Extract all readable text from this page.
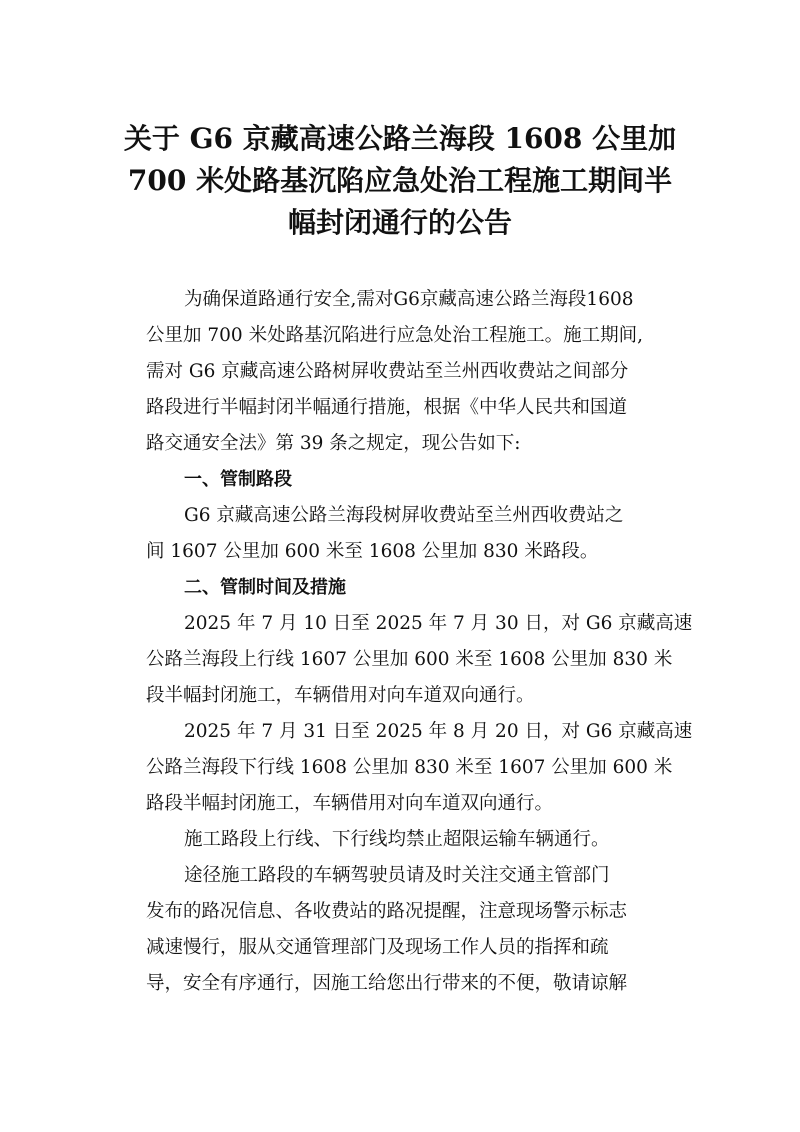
关于 G6 京藏高速公路兰海段 1608 公里加
700 米处路基沉陷应急处治工程施工期间半
幅封闭通行的公告
为确保道路通行安全,需对G6京藏高速公路兰海段1608
公里加 700 米处路基沉陷进行应急处治工程施工。施工期间,
需对 G6 京藏高速公路树屏收费站至兰州西收费站之间部分
路段进行半幅封闭半幅通行措施，根据《中华人民共和国道
路交通安全法》第 39 条之规定，现公告如下:
一、管制路段
G6 京藏高速公路兰海段树屏收费站至兰州西收费站之
间 1607 公里加 600 米至 1608 公里加 830 米路段。
二、管制时间及措施
2025 年 7 月 10 日至 2025 年 7 月 30 日，对 G6 京藏高速
公路兰海段上行线 1607 公里加 600 米至 1608 公里加 830 米
段半幅封闭施工，车辆借用对向车道双向通行。
2025 年 7 月 31 日至 2025 年 8 月 20 日，对 G6 京藏高速
公路兰海段下行线 1608 公里加 830 米至 1607 公里加 600 米
路段半幅封闭施工，车辆借用对向车道双向通行。
施工路段上行线、下行线均禁止超限运输车辆通行。
途径施工路段的车辆驾驶员请及时关注交通主管部门
发布的路况信息、各收费站的路况提醒，注意现场警示标志
减速慢行，服从交通管理部门及现场工作人员的指挥和疏
导，安全有序通行，因施工给您出行带来的不便，敬请谅解
